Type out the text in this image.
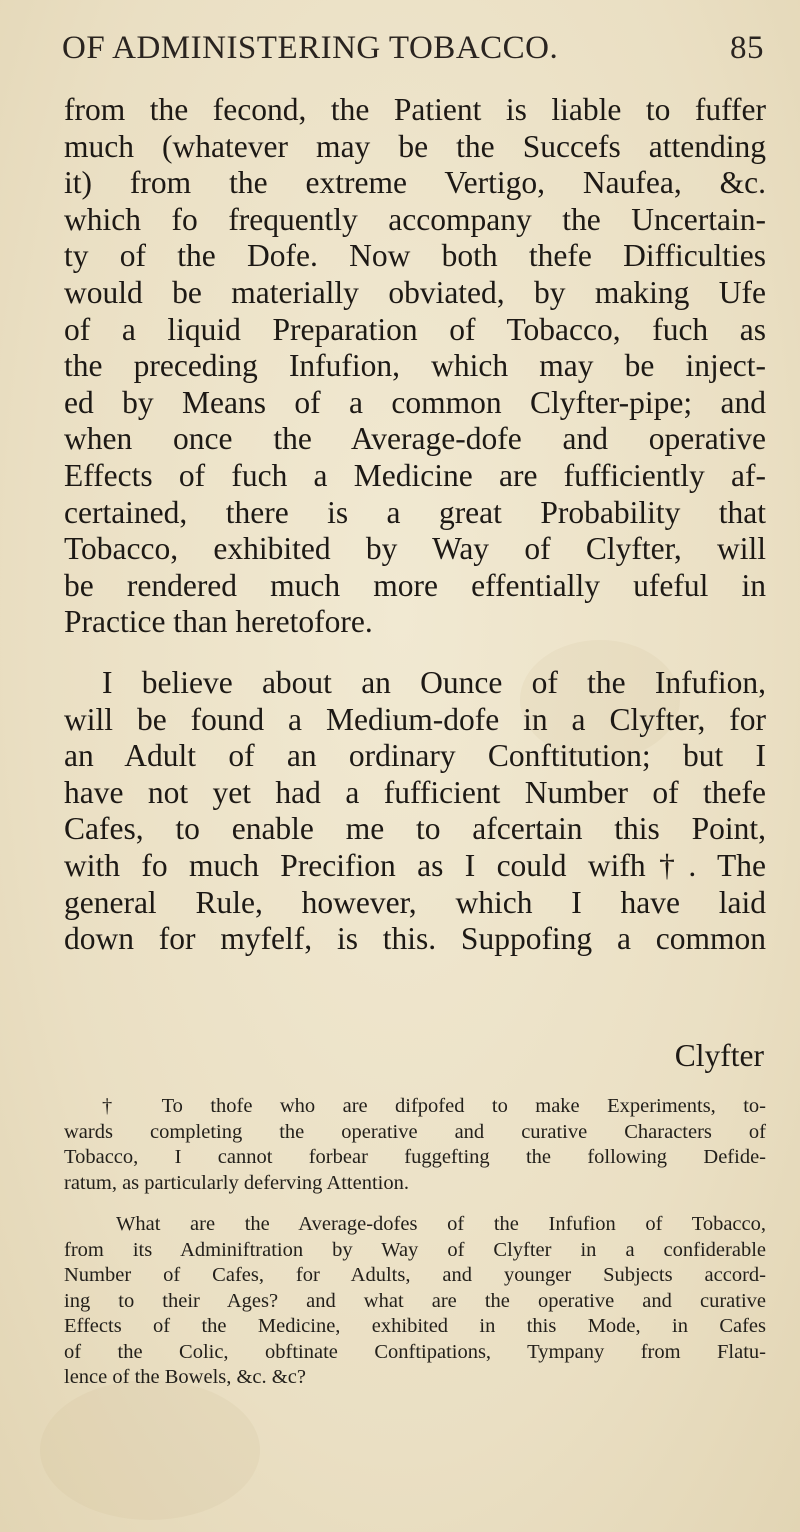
OF ADMINISTERING TOBACCO.	85
from the fecond, the Patient is liable to fuffer
much (whatever may be the Succefs attending
it) from the extreme Vertigo, Naufea, &c.
which fo frequently accompany the Uncertain-
ty of the Dofe. Now both thefe Difficulties
would be materially obviated, by making Ufe
of a liquid Preparation of Tobacco, fuch as
the preceding Infufion, which may be inject-
ed by Means of a common Clyfter-pipe; and
when once the Average-dofe and operative
Effects of fuch a Medicine are fufficiently af-
certained, there is a great Probability that
Tobacco, exhibited by Way of Clyfter, will
be rendered much more effentially ufeful in
Practice than heretofore.
I believe about an Ounce of the Infufion,
will be found a Medium-dofe in a Clyfter, for
an Adult of an ordinary Conftitution; but I
have not yet had a fufficient Number of thefe
Cafes, to enable me to afcertain this Point,
with fo much Precifion as I could wifh†. The
general Rule, however, which I have laid
down for myfelf, is this. Suppofing a common
Clyfter
† To thofe who are difpofed to make Experiments, to-
wards completing the operative and curative Characters of
Tobacco, I cannot forbear fuggefting the following Defide-
ratum, as particularly deferving Attention.
What are the Average-dofes of the Infufion of Tobacco,
from its Adminiftration by Way of Clyfter in a confiderable
Number of Cafes, for Adults, and younger Subjects accord-
ing to their Ages? and what are the operative and curative
Effects of the Medicine, exhibited in this Mode, in Cafes
of the Colic, obftinate Conftipations, Tympany from Flatu-
lence of the Bowels, &c. &c?
